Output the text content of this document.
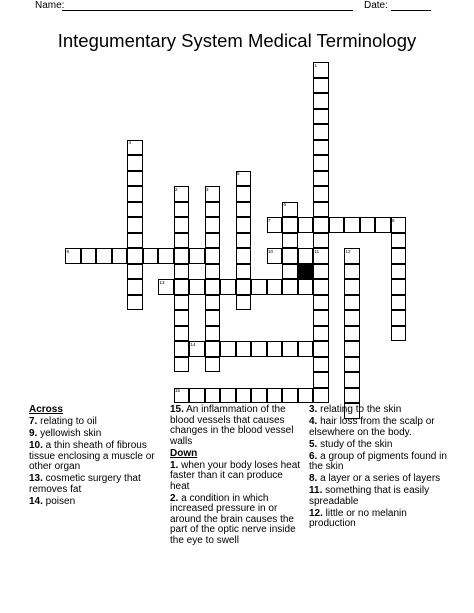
Name:	Date:
Integumentary System Medical Terminology
1
4
2	3
5
6
7	8
9	10	11	12
13
14
15
Across
7. relating to oil
9. yellowish skin
10. a thin sheath of fibrous tissue enclosing a muscle or other organ
13. cosmetic surgery that removes fat
14. poisen
15. An inflammation of the blood vessels that causes changes in the blood vessel walls
Down
1. when your body loses heat faster than it can produce heat
2. a condition in which increased pressure in or around the brain causes the part of the optic nerve inside the eye to swell
3. relating to the skin
4. hair loss from the scalp or elsewhere on the body.
5. study of the skin
6. a group of pigments found in the skin
8. a layer or a series of layers
11. something that is easily spreadable
12. little or no melanin production
